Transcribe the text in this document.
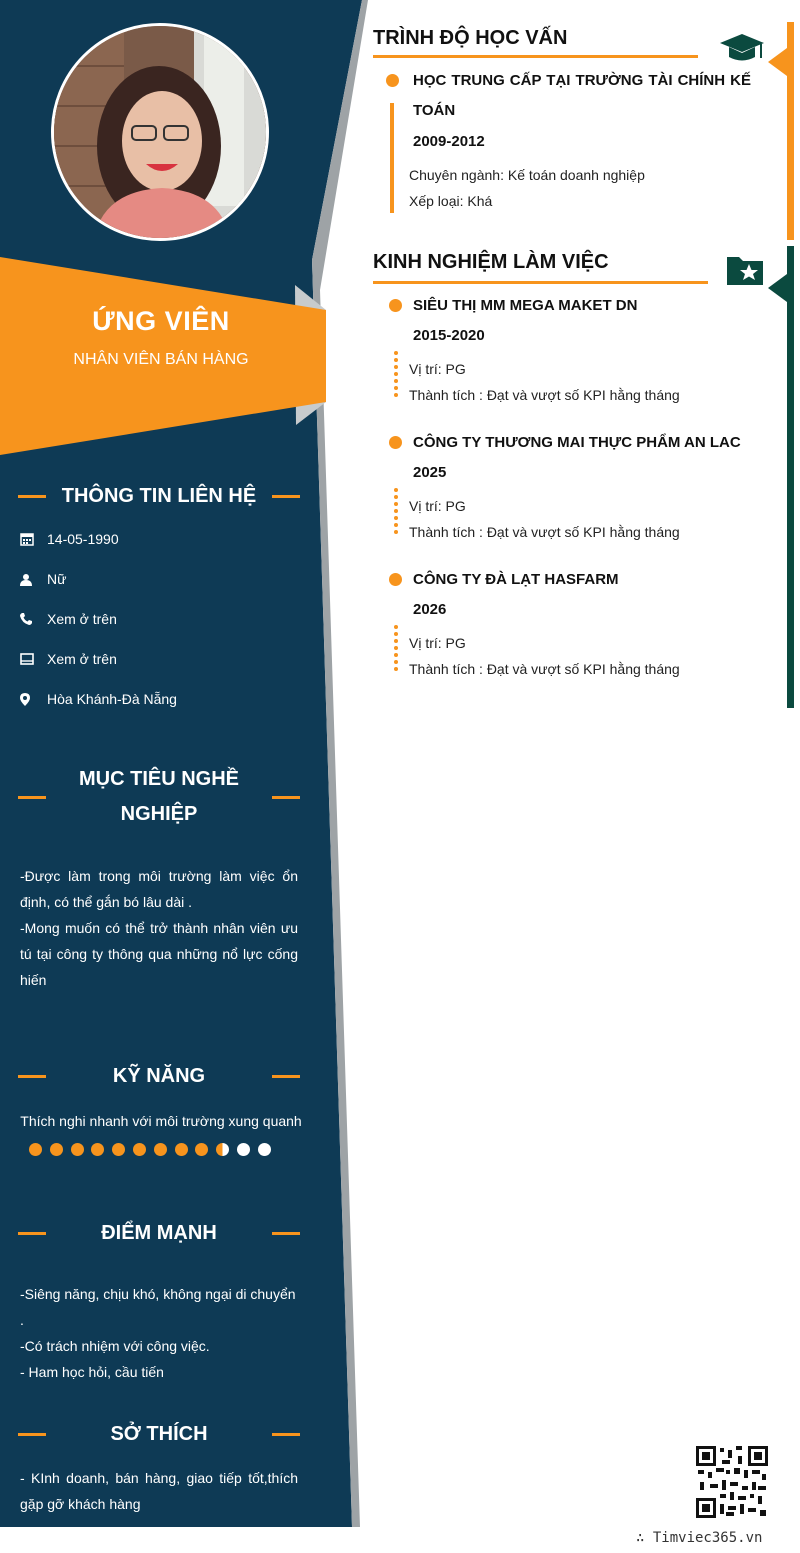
ỨNG VIÊN
NHÂN VIÊN BÁN HÀNG
THÔNG TIN LIÊN HỆ
14-05-1990
Nữ
Xem ở trên
Xem ở trên
Hòa Khánh-Đà Nẵng
MỤC TIÊU NGHỀ
NGHIỆP
-Được làm trong môi trường làm việc ổn định, có thể gắn bó lâu dài .
-Mong muốn có thể trở thành nhân viên ưu tú tại công ty thông qua những nổ lực cống hiến
KỸ NĂNG
Thích nghi nhanh với môi trường xung quanh
ĐIỂM MẠNH
-Siêng năng, chịu khó, không ngại di chuyển .
-Có trách nhiệm với công việc.
- Ham học hỏi, cầu tiến
SỞ THÍCH
- KInh doanh, bán hàng, giao tiếp tốt,thích gặp gỡ khách hàng
TRÌNH ĐỘ HỌC VẤN
HỌC TRUNG CẤP TẠI TRƯỜNG TÀI CHÍNH KẾ TOÁN
2009-2012
Chuyên ngành: Kế toán doanh nghiệp
Xếp loại: Khá
KINH NGHIỆM LÀM VIỆC
SIÊU THỊ MM MEGA MAKET DN
2015-2020
Vị trí: PG
Thành tích : Đạt và vượt số KPI hằng tháng
CÔNG TY THƯƠNG MAI THỰC PHẨM AN LAC
2025
Vị trí: PG
Thành tích : Đạt và vượt số KPI hằng tháng
CÔNG TY ĐÀ LẠT HASFARM
2026
Vị trí: PG
Thành tích : Đạt và vượt số KPI hằng tháng
∴ Timviec365.vn
